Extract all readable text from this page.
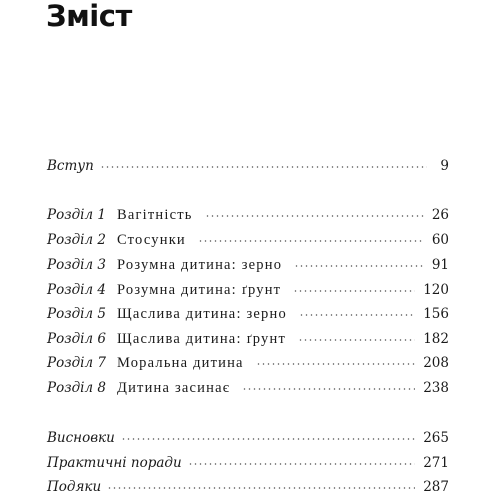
Зміст
Вступ	9
Розділ 1 Вагітність	26
Розділ 2 Стосунки	60
Розділ 3 Розумна дитина: зерно	91
Розділ 4 Розумна дитина: ґрунт	120
Розділ 5 Щаслива дитина: зерно	156
Розділ 6 Щаслива дитина: ґрунт	182
Розділ 7 Моральна дитина	208
Розділ 8 Дитина засинає	238
Висновки	265
Практичні поради	271
Подяки	287
